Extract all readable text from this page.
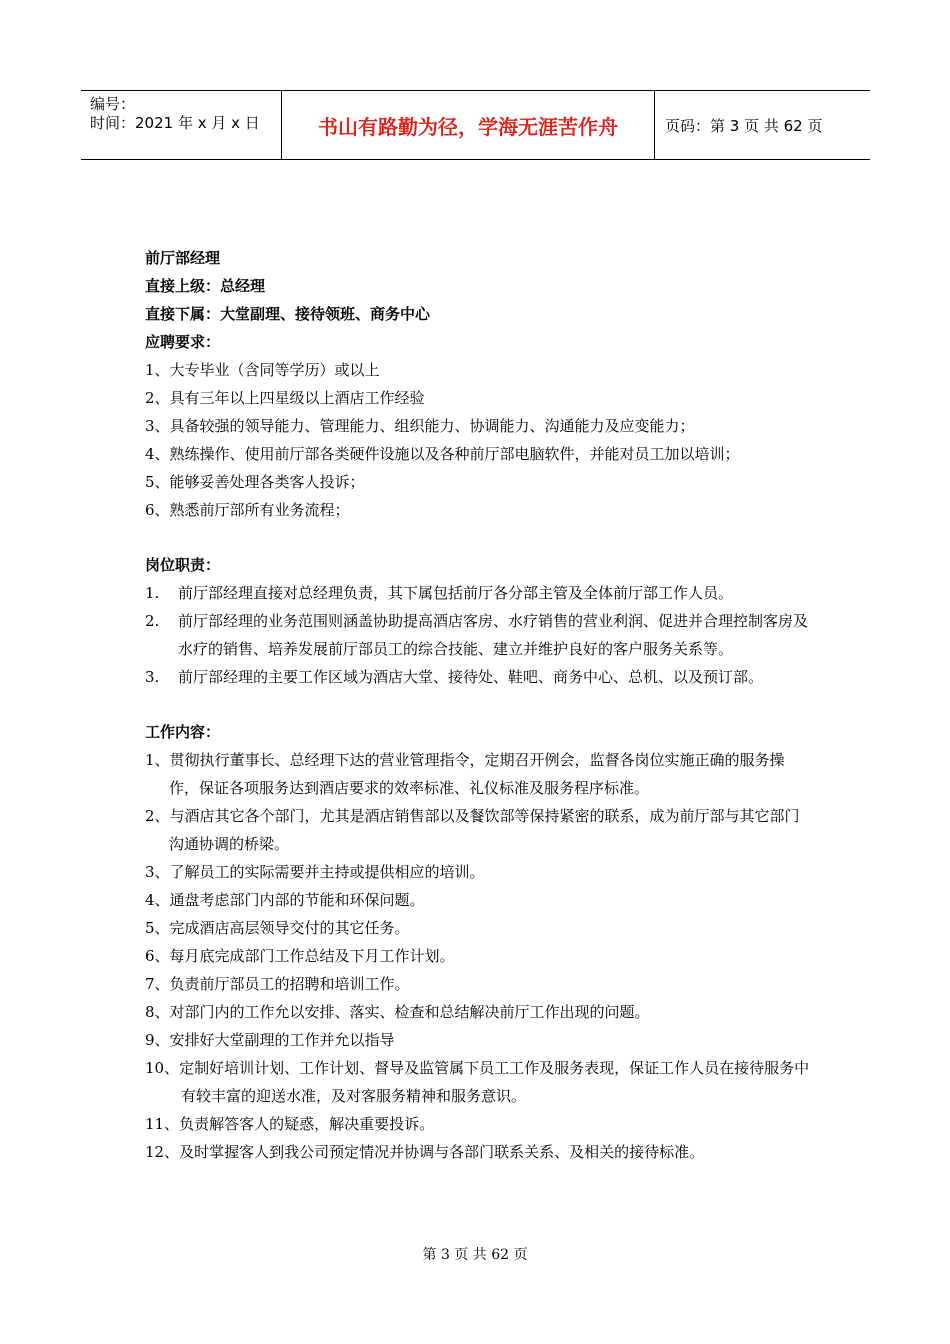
编号：
时间：2021 年 x 月 x 日	书山有路勤为径，学海无涯苦作舟	页码：第 3 页 共 62 页
前厅部经理
直接上级：总经理
直接下属：大堂副理、接待领班、商务中心
应聘要求：
1、大专毕业（含同等学历）或以上
2、具有三年以上四星级以上酒店工作经验
3、具备较强的领导能力、管理能力、组织能力、协调能力、沟通能力及应变能力；
4、熟练操作、使用前厅部各类硬件设施以及各种前厅部电脑软件，并能对员工加以培训；
5、能够妥善处理各类客人投诉；
6、熟悉前厅部所有业务流程；
岗位职责：
1.	前厅部经理直接对总经理负责，其下属包括前厅各分部主管及全体前厅部工作人员。
2.	前厅部经理的业务范围则涵盖协助提高酒店客房、水疗销售的营业利润、促进并合理控制客房及水疗的销售、培养发展前厅部员工的综合技能、建立并维护良好的客户服务关系等。
3.	前厅部经理的主要工作区域为酒店大堂、接待处、鞋吧、商务中心、总机、以及预订部。
工作内容：
1、贯彻执行董事长、总经理下达的营业管理指令，定期召开例会，监督各岗位实施正确的服务操作，保证各项服务达到酒店要求的效率标准、礼仪标准及服务程序标准。
2、与酒店其它各个部门，尤其是酒店销售部以及餐饮部等保持紧密的联系，成为前厅部与其它部门沟通协调的桥梁。
3、了解员工的实际需要并主持或提供相应的培训。
4、通盘考虑部门内部的节能和环保问题。
5、完成酒店高层领导交付的其它任务。
6、每月底完成部门工作总结及下月工作计划。
7、负责前厅部员工的招聘和培训工作。
8、对部门内的工作允以安排、落实、检查和总结解决前厅工作出现的问题。
9、安排好大堂副理的工作并允以指导
10、定制好培训计划、工作计划、督导及监管属下员工工作及服务表现，保证工作人员在接待服务中有较丰富的迎送水准，及对客服务精神和服务意识。
11、负责解答客人的疑惑，解决重要投诉。
12、及时掌握客人到我公司预定情况并协调与各部门联系关系、及相关的接待标准。
第 3 页 共 62 页
